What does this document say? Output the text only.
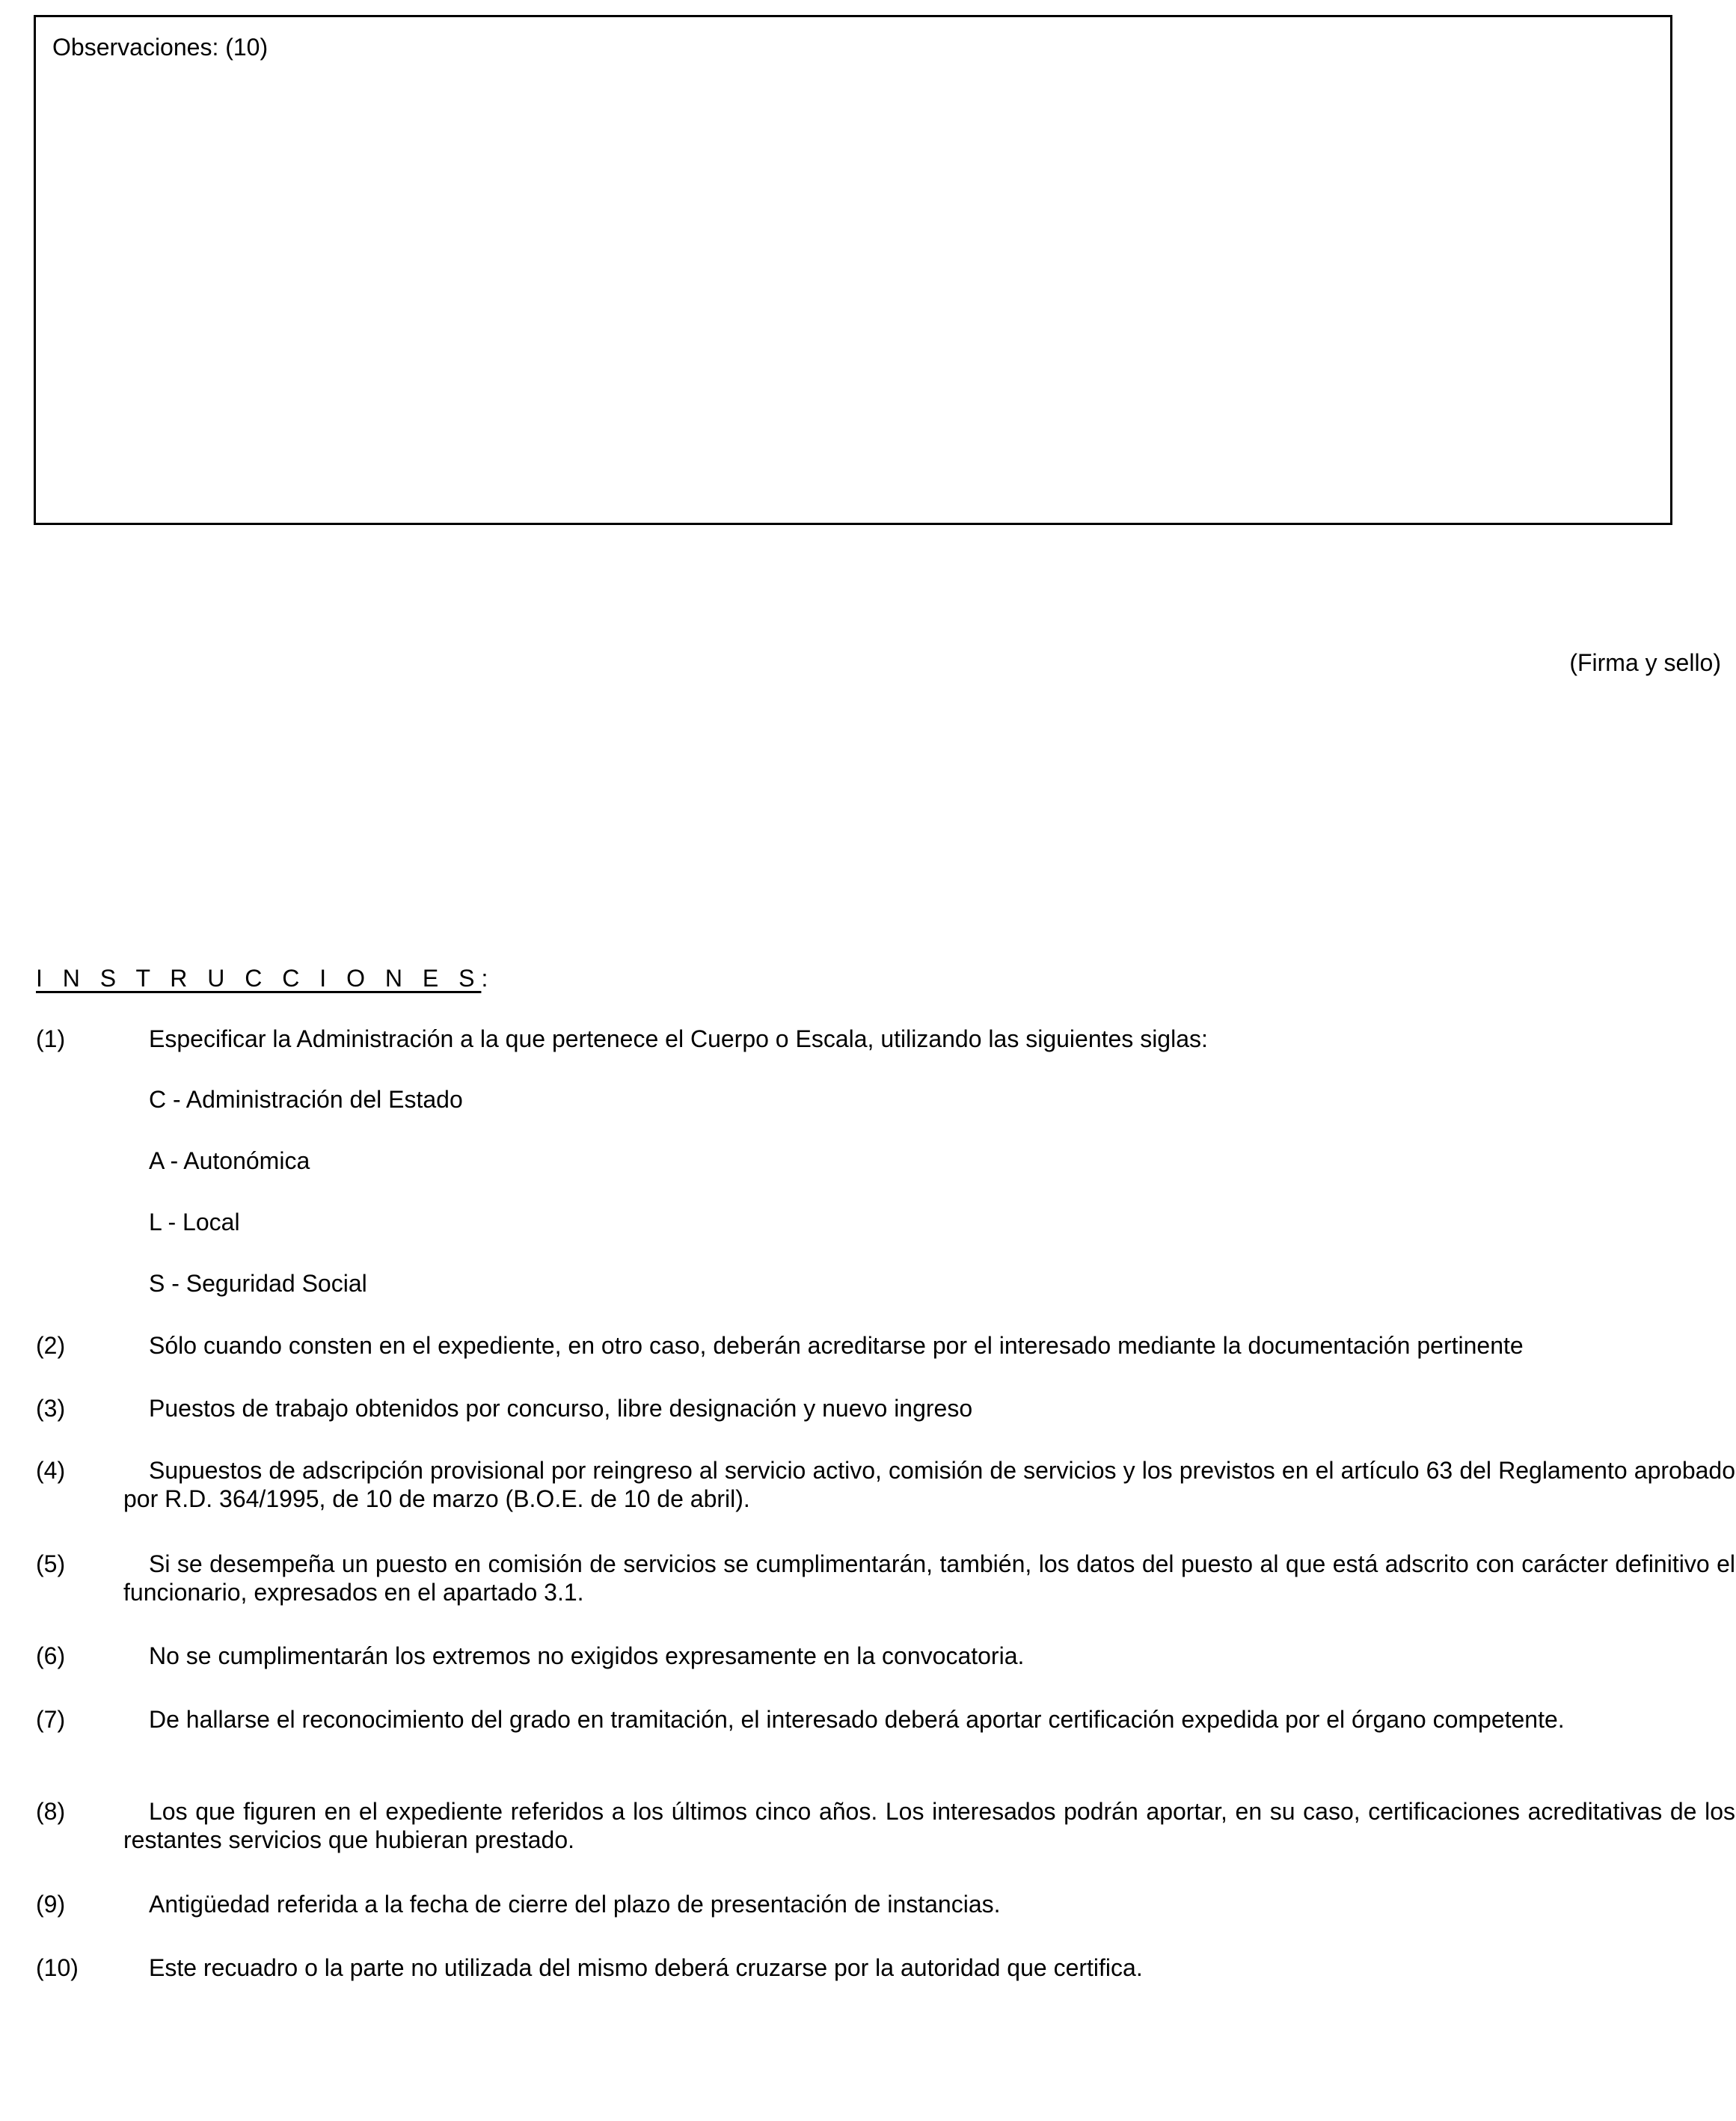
Observaciones: (10)
(Firma y sello)
I N S T R U C C I O N E S:
(1)	Especificar la Administración a la que pertenece el Cuerpo o Escala, utilizando las siguientes siglas:
C - Administración del Estado
A - Autonómica
L - Local
S - Seguridad Social
(2)	Sólo cuando consten en el expediente, en otro caso, deberán acreditarse por el interesado mediante la documentación pertinente
(3)	Puestos de trabajo obtenidos por concurso, libre designación y nuevo ingreso
(4)	Supuestos de adscripción provisional por reingreso al servicio activo, comisión de servicios y los previstos en el artículo 63 del Reglamento aprobado por R.D. 364/1995, de 10 de marzo (B.O.E. de 10 de abril).
(5)	Si se desempeña un puesto en comisión de servicios se cumplimentarán, también, los datos del puesto al que está adscrito con carácter definitivo el funcionario, expresados en el apartado 3.1.
(6)	No se cumplimentarán los extremos no exigidos expresamente en la convocatoria.
(7)	De hallarse el reconocimiento del grado en tramitación, el interesado deberá aportar certificación expedida por el órgano competente.
(8)	Los que figuren en el expediente referidos a los últimos cinco años. Los interesados podrán aportar, en su caso, certificaciones acreditativas de los restantes servicios que hubieran prestado.
(9)	Antigüedad referida a la fecha de cierre del plazo de presentación de instancias.
(10)	Este recuadro o la parte no utilizada del mismo deberá cruzarse por la autoridad que certifica.
